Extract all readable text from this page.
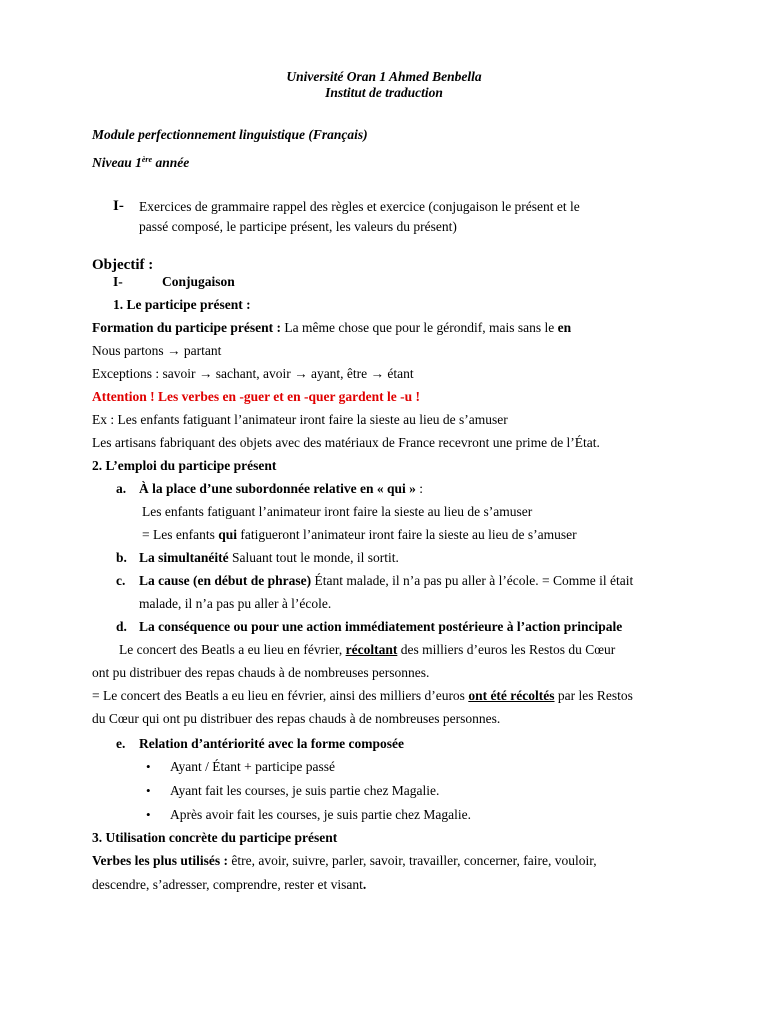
Université Oran 1 Ahmed Benbella
Institut de traduction
Module perfectionnement linguistique (Français)
Niveau 1ère année
I- Exercices de grammaire rappel des règles et exercice (conjugaison le présent et le
passé composé, le participe présent, les valeurs du présent)
Objectif :
I-	Conjugaison
1. Le participe présent :
Formation du participe présent : La même chose que pour le gérondif, mais sans le en
Nous partons → partant
Exceptions : savoir → sachant, avoir → ayant, être → étant
Attention ! Les verbes en -guer et en -quer gardent le -u !
Ex : Les enfants fatiguant l’animateur iront faire la sieste au lieu de s’amuser
Les artisans fabriquant des objets avec des matériaux de France recevront une prime de l’État.
2. L’emploi du participe présent
a. À la place d’une subordonnée relative en « qui » :
Les enfants fatiguant l’animateur iront faire la sieste au lieu de s’amuser
= Les enfants qui fatigueront l’animateur iront faire la sieste au lieu de s’amuser
b. La simultanéité Saluant tout le monde, il sortit.
c. La cause (en début de phrase) Étant malade, il n’a pas pu aller à l’école. = Comme il était
malade, il n’a pas pu aller à l’école.
d. La conséquence ou pour une action immédiatement postérieure à l’action principale
Le concert des Beatls a eu lieu en février, récoltant des milliers d’euros les Restos du Cœur
ont pu distribuer des repas chauds à de nombreuses personnes.
= Le concert des Beatls a eu lieu en février, ainsi des milliers d’euros ont été récoltés par les Restos
du Cœur qui ont pu distribuer des repas chauds à de nombreuses personnes.
e. Relation d’antériorité avec la forme composée
• Ayant / Étant + participe passé
• Ayant fait les courses, je suis partie chez Magalie.
• Après avoir fait les courses, je suis partie chez Magalie.
3. Utilisation concrète du participe présent
Verbes les plus utilisés : être, avoir, suivre, parler, savoir, travailler, concerner, faire, vouloir,
descendre, s’adresser, comprendre, rester et visant.
